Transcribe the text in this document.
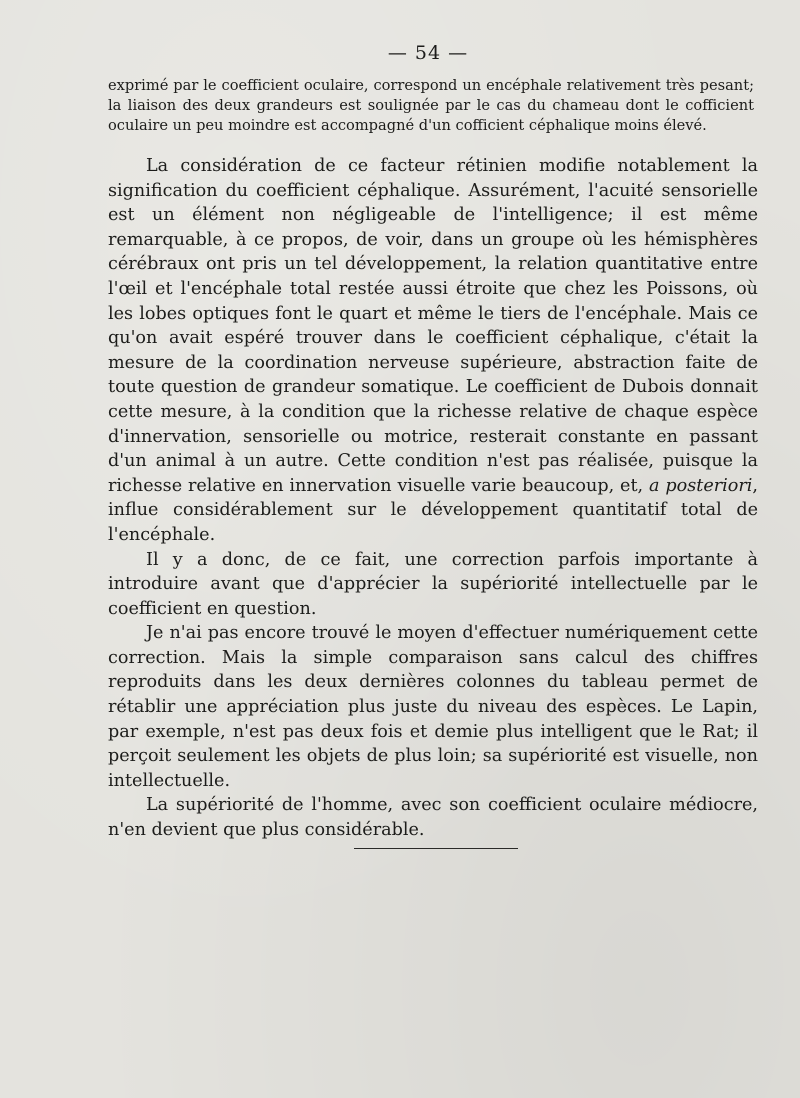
— 54 —
exprimé par le coefficient oculaire, correspond un encéphale relativement très pesant; la liaison des deux grandeurs est soulignée par le cas du chameau dont le cofficient oculaire un peu moindre est accompagné d'un cofficient céphalique moins élevé.

La considération de ce facteur rétinien modifie notablement la signification du coefficient céphalique. Assurément, l'acuité sensorielle est un élément non négligeable de l'intelligence; il est même remarquable, à ce propos, de voir, dans un groupe où les hémisphères cérébraux ont pris un tel développement, la relation quantitative entre l'œil et l'encéphale total restée aussi étroite que chez les Poissons, où les lobes optiques font le quart et même le tiers de l'encéphale. Mais ce qu'on avait espéré trouver dans le coefficient céphalique, c'était la mesure de la coordination nerveuse supérieure, abstraction faite de toute question de grandeur somatique. Le coefficient de Dubois donnait cette mesure, à la condition que la richesse relative de chaque espèce d'innervation, sensorielle ou motrice, resterait constante en passant d'un animal à un autre. Cette condition n'est pas réalisée, puisque la richesse relative en innervation visuelle varie beaucoup, et, a posteriori, influe considérablement sur le développement quantitatif total de l'encéphale.

Il y a donc, de ce fait, une correction parfois importante à introduire avant que d'apprécier la supériorité intellectuelle par le coefficient en question.

Je n'ai pas encore trouvé le moyen d'effectuer numériquement cette correction. Mais la simple comparaison sans calcul des chiffres reproduits dans les deux dernières colonnes du tableau permet de rétablir une appréciation plus juste du niveau des espèces. Le Lapin, par exemple, n'est pas deux fois et demie plus intelligent que le Rat; il perçoit seulement les objets de plus loin; sa supériorité est visuelle, non intellectuelle.

La supériorité de l'homme, avec son coefficient oculaire médiocre, n'en devient que plus considérable.
